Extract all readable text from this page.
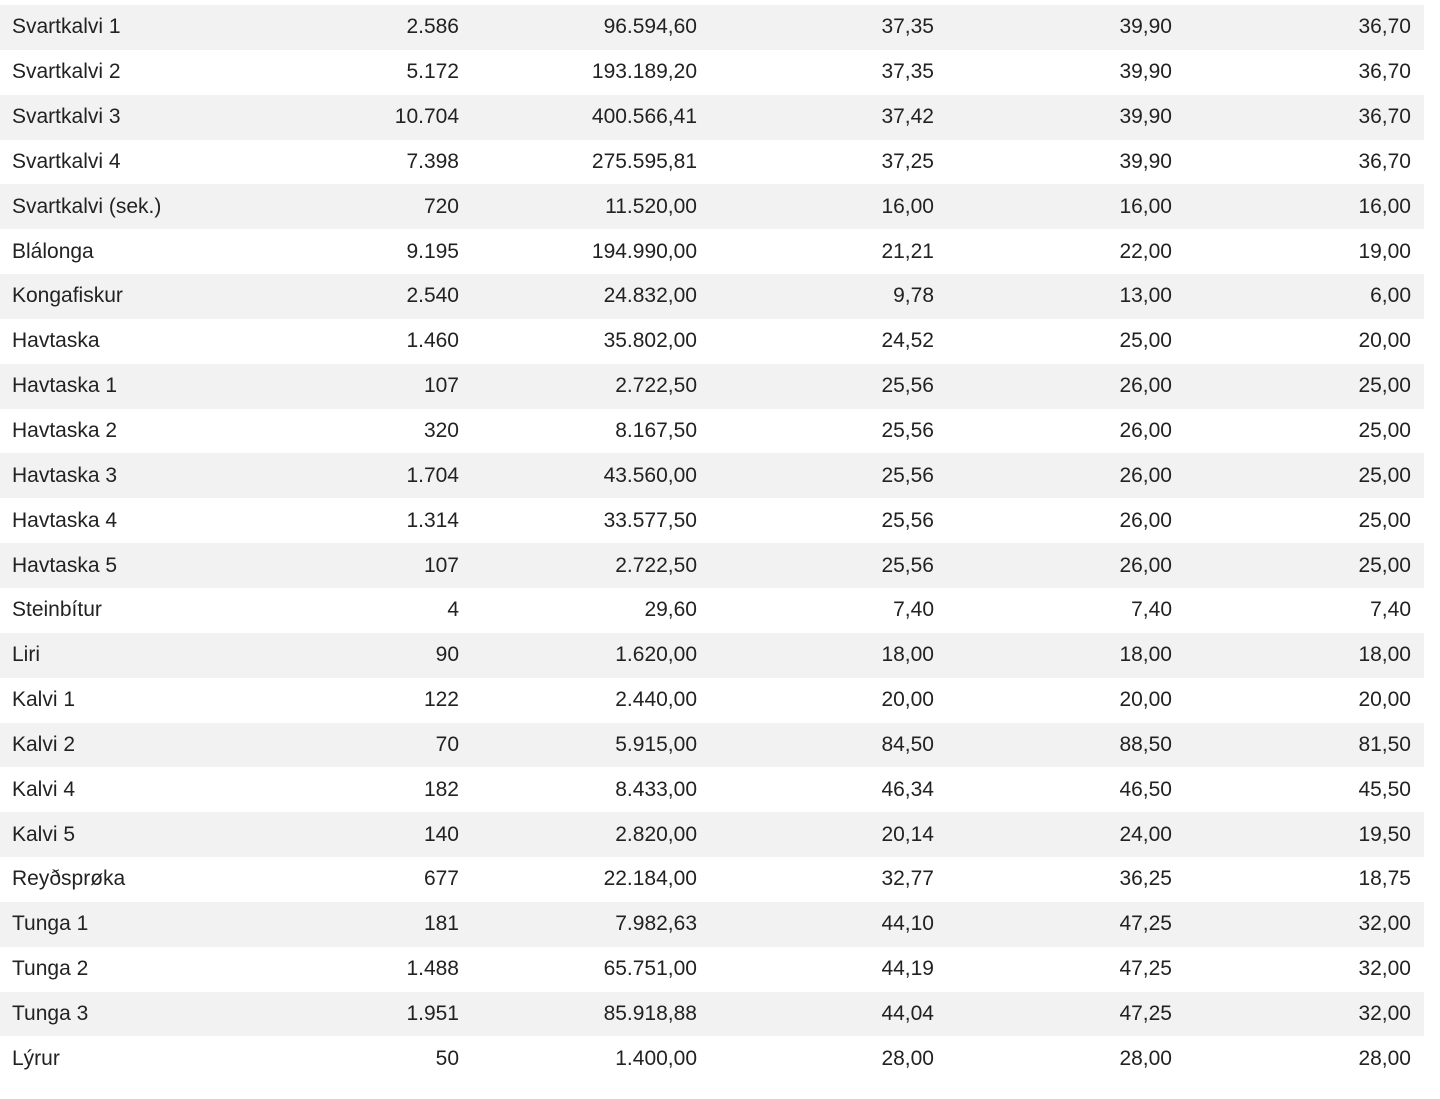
Svartkalvi 1	2.586	96.594,60	37,35	39,90	36,70
Svartkalvi 2	5.172	193.189,20	37,35	39,90	36,70
Svartkalvi 3	10.704	400.566,41	37,42	39,90	36,70
Svartkalvi 4	7.398	275.595,81	37,25	39,90	36,70
Svartkalvi (sek.)	720	11.520,00	16,00	16,00	16,00
Blálonga	9.195	194.990,00	21,21	22,00	19,00
Kongafiskur	2.540	24.832,00	9,78	13,00	6,00
Havtaska	1.460	35.802,00	24,52	25,00	20,00
Havtaska 1	107	2.722,50	25,56	26,00	25,00
Havtaska 2	320	8.167,50	25,56	26,00	25,00
Havtaska 3	1.704	43.560,00	25,56	26,00	25,00
Havtaska 4	1.314	33.577,50	25,56	26,00	25,00
Havtaska 5	107	2.722,50	25,56	26,00	25,00
Steinbítur	4	29,60	7,40	7,40	7,40
Liri	90	1.620,00	18,00	18,00	18,00
Kalvi 1	122	2.440,00	20,00	20,00	20,00
Kalvi 2	70	5.915,00	84,50	88,50	81,50
Kalvi 4	182	8.433,00	46,34	46,50	45,50
Kalvi 5	140	2.820,00	20,14	24,00	19,50
Reyðsprøka	677	22.184,00	32,77	36,25	18,75
Tunga 1	181	7.982,63	44,10	47,25	32,00
Tunga 2	1.488	65.751,00	44,19	47,25	32,00
Tunga 3	1.951	85.918,88	44,04	47,25	32,00
Lýrur	50	1.400,00	28,00	28,00	28,00
